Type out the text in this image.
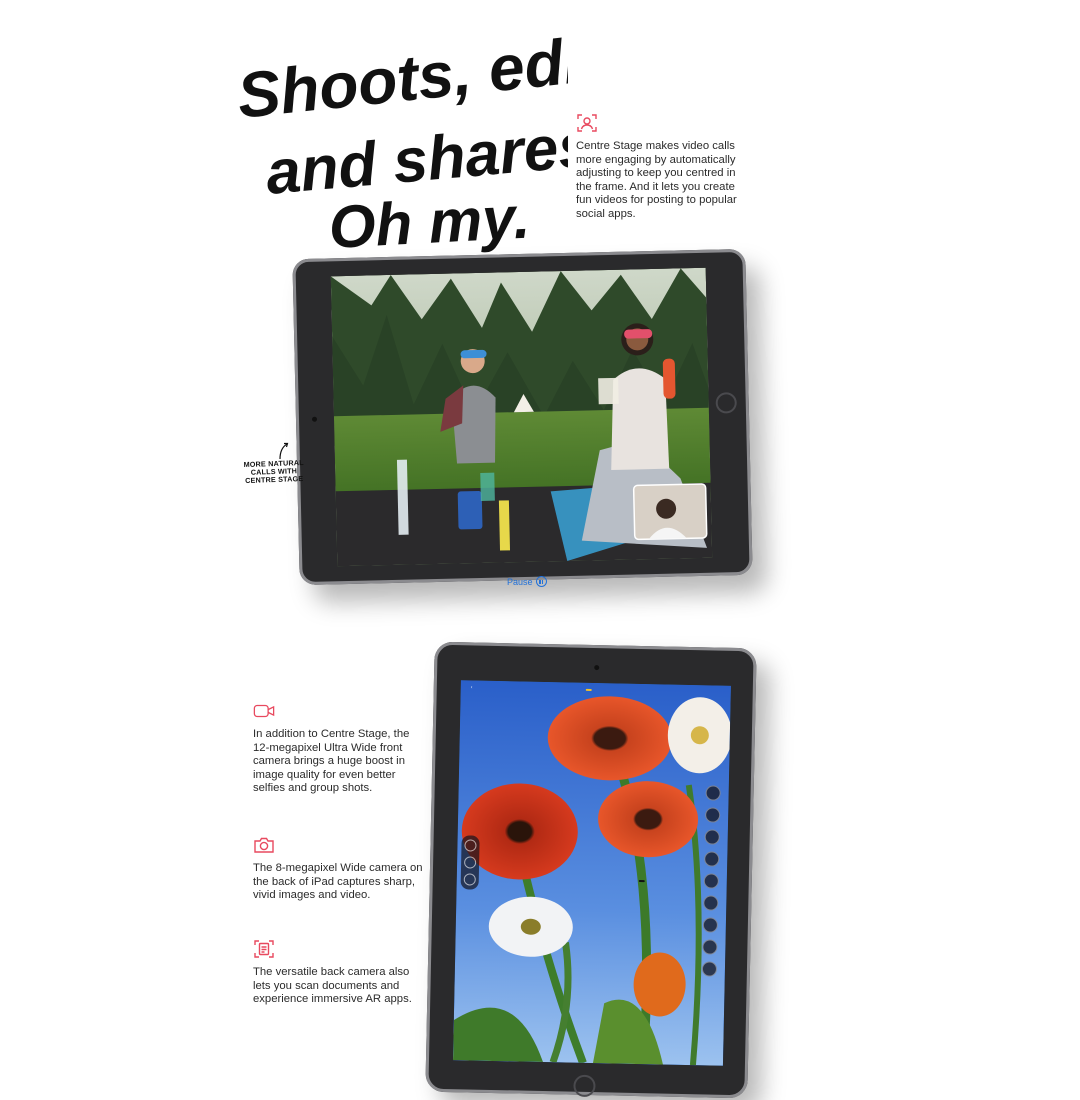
Shoots, edits
and shares.
Oh my.

Centre Stage makes video calls more engaging by automatically adjusting to keep you centred in the frame. And it lets you create fun videos for posting to popular social apps.

MORE NATURAL CALLS WITH CENTRE STAGE
Pause

In addition to Centre Stage, the 12-megapixel Ultra Wide front camera brings a huge boost in image quality for even better selfies and group shots.

The 8-megapixel Wide camera on the back of iPad captures sharp, vivid images and video.

The versatile back camera also lets you scan documents and experience immersive AR apps.

‹
